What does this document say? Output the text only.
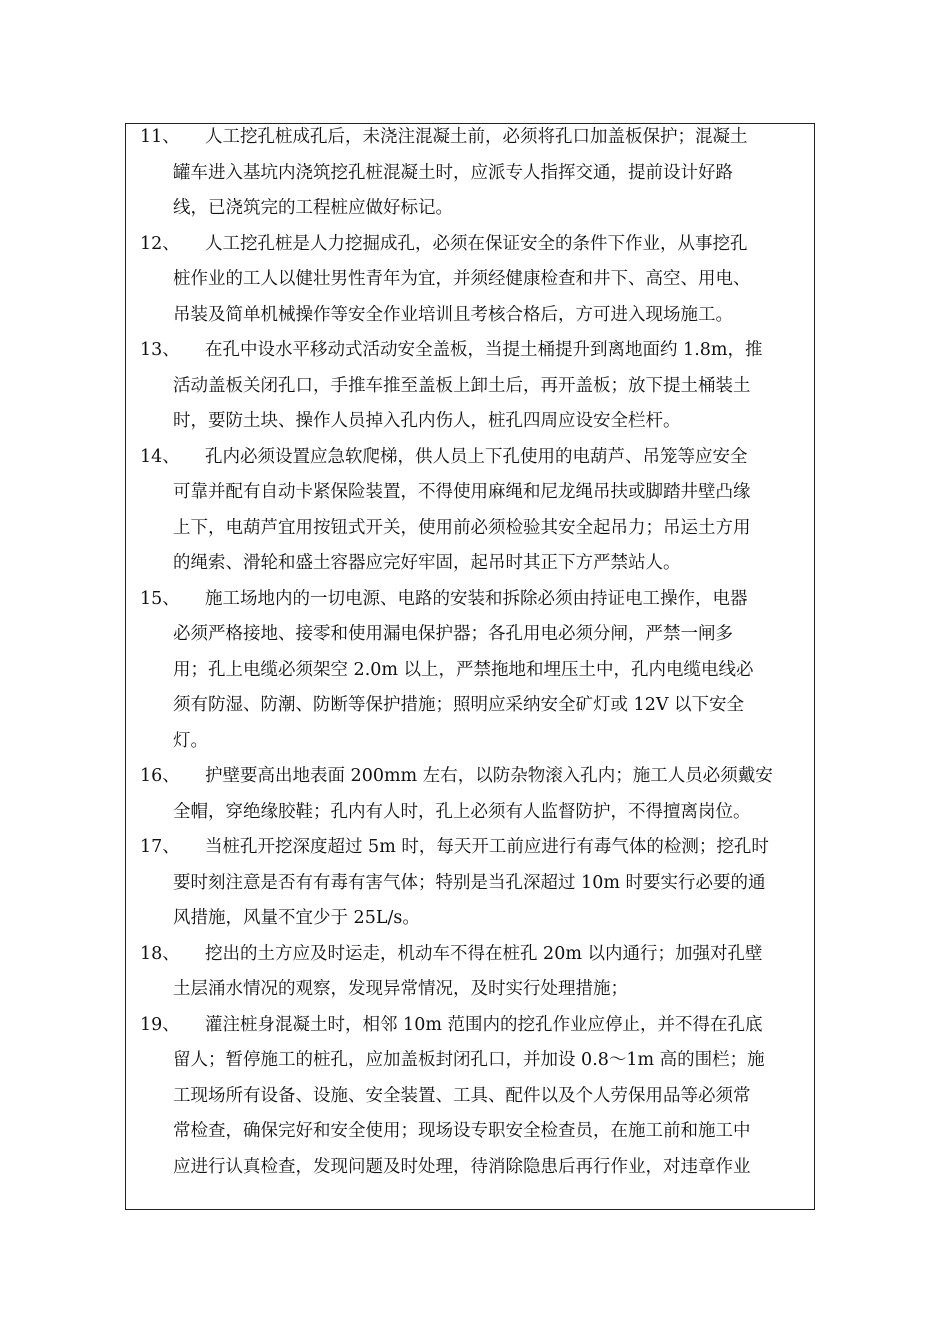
11、 人工挖孔桩成孔后，未浇注混凝土前，必须将孔口加盖板保护；混凝土
罐车进入基坑内浇筑挖孔桩混凝土时，应派专人指挥交通，提前设计好路
线，已浇筑完的工程桩应做好标记。
12、 人工挖孔桩是人力挖掘成孔，必须在保证安全的条件下作业，从事挖孔
桩作业的工人以健壮男性青年为宜，并须经健康检查和井下、高空、用电、
吊装及简单机械操作等安全作业培训且考核合格后，方可进入现场施工。
13、 在孔中设水平移动式活动安全盖板，当提土桶提升到离地面约 1.8m，推
活动盖板关闭孔口，手推车推至盖板上卸土后，再开盖板；放下提土桶装土
时，要防土块、操作人员掉入孔内伤人，桩孔四周应设安全栏杆。
14、 孔内必须设置应急软爬梯，供人员上下孔使用的电葫芦、吊笼等应安全
可靠并配有自动卡紧保险装置，不得使用麻绳和尼龙绳吊扶或脚踏井壁凸缘
上下，电葫芦宜用按钮式开关，使用前必须检验其安全起吊力；吊运土方用
的绳索、滑轮和盛土容器应完好牢固，起吊时其正下方严禁站人。
15、 施工场地内的一切电源、电路的安装和拆除必须由持证电工操作，电器
必须严格接地、接零和使用漏电保护器；各孔用电必须分闸，严禁一闸多
用；孔上电缆必须架空 2.0m 以上，严禁拖地和埋压土中，孔内电缆电线必
须有防湿、防潮、防断等保护措施；照明应采纳安全矿灯或 12V 以下安全
灯。
16、 护壁要高出地表面 200mm 左右，以防杂物滚入孔内；施工人员必须戴安
全帽，穿绝缘胶鞋；孔内有人时，孔上必须有人监督防护，不得擅离岗位。
17、 当桩孔开挖深度超过 5m 时，每天开工前应进行有毒气体的检测；挖孔时
要时刻注意是否有有毒有害气体；特别是当孔深超过 10m 时要实行必要的通
风措施，风量不宜少于 25L/s。
18、 挖出的土方应及时运走，机动车不得在桩孔 20m 以内通行；加强对孔壁
土层涌水情况的观察，发现异常情况，及时实行处理措施；
19、 灌注桩身混凝土时，相邻 10m 范围内的挖孔作业应停止，并不得在孔底
留人；暂停施工的桩孔，应加盖板封闭孔口，并加设 0.8～1m 高的围栏；施
工现场所有设备、设施、安全装置、工具、配件以及个人劳保用品等必须常
常检查，确保完好和安全使用；现场设专职安全检查员，在施工前和施工中
应进行认真检查，发现问题及时处理，待消除隐患后再行作业，对违章作业
